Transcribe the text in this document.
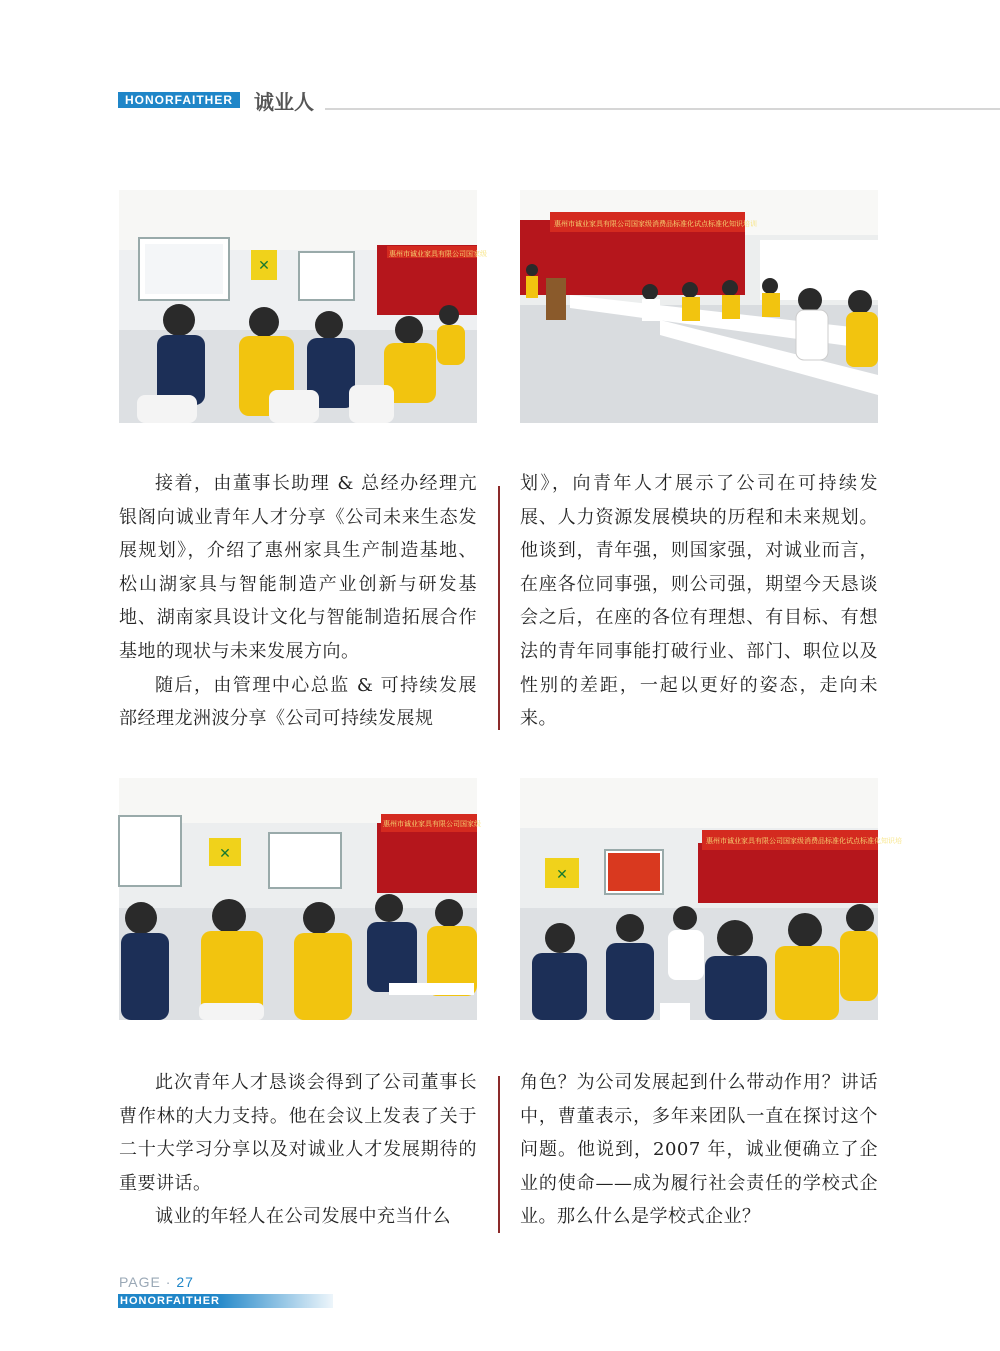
HONORFAITHER	诚业人
✕
惠州市诚业家具有限公司国家级
惠州市诚业家具有限公司国家级消费品标准化试点标准化知识培训

接着，由董事长助理 & 总经办经理亢银阁向诚业青年人才分享《公司未来生态发展规划》，介绍了惠州家具生产制造基地、松山湖家具与智能制造产业创新与研发基地、湖南家具设计文化与智能制造拓展合作基地的现状与未来发展方向。

随后，由管理中心总监 & 可持续发展部经理龙洲波分享《公司可持续发展规

划》，向青年人才展示了公司在可持续发展、人力资源发展模块的历程和未来规划。他谈到，青年强，则国家强，对诚业而言，在座各位同事强，则公司强，期望今天恳谈会之后，在座的各位有理想、有目标、有想法的青年同事能打破行业、部门、职位以及性别的差距，一起以更好的姿态，走向未来。

✕
惠州市诚业家具有限公司国家级
✕
惠州市诚业家具有限公司国家级消费品标准化试点标准化知识培

此次青年人才恳谈会得到了公司董事长曹作林的大力支持。他在会议上发表了关于二十大学习分享以及对诚业人才发展期待的重要讲话。

诚业的年轻人在公司发展中充当什么

角色？为公司发展起到什么带动作用？讲话中，曹董表示，多年来团队一直在探讨这个问题。他说到，2007 年，诚业便确立了企业的使命——成为履行社会责任的学校式企业。那么什么是学校式企业？

PAGE · 27
HONORFAITHER
